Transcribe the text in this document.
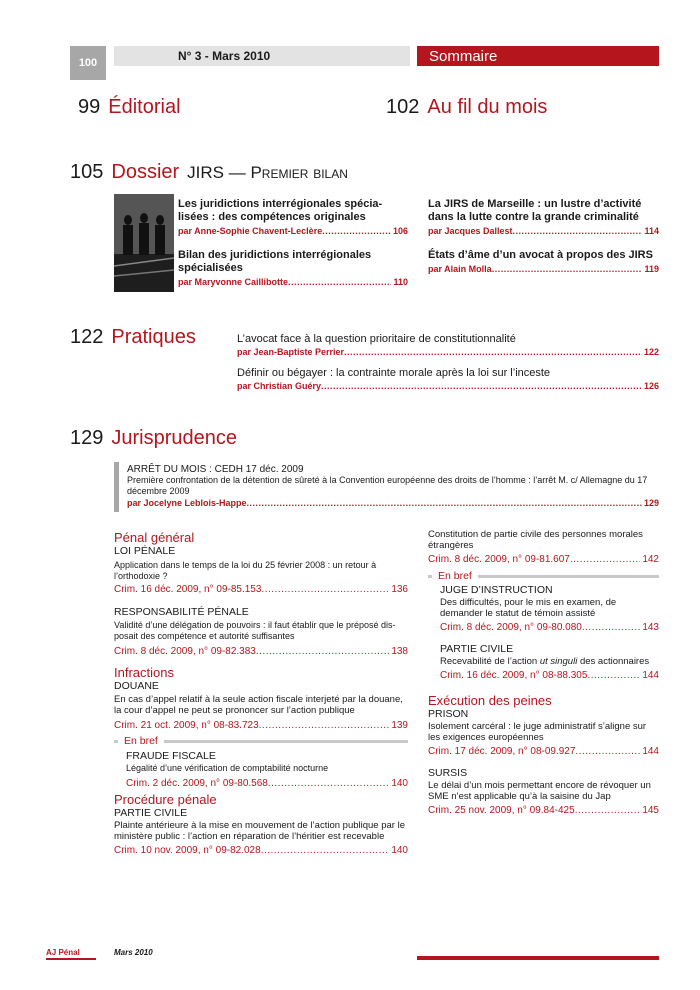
100	N° 3 - Mars 2010	Sommaire
99 Éditorial	102 Au fil du mois
105 Dossier JIRS — Premier bilan
Les juridictions interrégionales spécia-lisées : des compétences originales
par Anne-Sophie Chavent-Leclère .....	106
Bilan des juridictions interrégionales spécialisées
par Maryvonne Caillibotte .....	110
La JIRS de Marseille : un lustre d’activité dans la lutte contre la grande criminalité
par Jacques Dallest .....	114
États d’âme d’un avocat à propos des JIRS
par Alain Molla .....	119
122 Pratiques	L’avocat face à la question prioritaire de constitutionnalité
par Jean-Baptiste Perrier .....	122
Définir ou bégayer : la contrainte morale après la loi sur l’inceste
par Christian Guéry .....	126
129 Jurisprudence
ARRÊT DU MOIS : CEDH 17 déc. 2009
Première confrontation de la détention de sûreté à la Convention européenne des droits de l’homme : l’arrêt M. c/ Allemagne du 17 décembre 2009
par Jocelyne Leblois-Happe .....	129
Pénal général
LOI PÉNALE
Application dans le temps de la loi du 25 février 2008 : un retour à l’orthodoxie ?
Crim. 16 déc. 2009, n° 09-85.153 .....	136
RESPONSABILITÉ PÉNALE
Validité d’une délégation de pouvoirs : il faut établir que le préposé dis-posait des compétence et autorité suffisantes
Crim. 8 déc. 2009, n° 09-82.383 .....	138
Infractions
DOUANE
En cas d’appel relatif à la seule action fiscale interjeté par la douane, la cour d’appel ne peut se prononcer sur l’action publique
Crim. 21 oct. 2009, n° 08-83.723 .....	139
En bref
FRAUDE FISCALE
Légalité d’une vérification de comptabilité nocturne
Crim. 2 déc. 2009, n° 09-80.568 .....	140
Procédure pénale
PARTIE CIVILE
Plainte antérieure à la mise en mouvement de l’action publique par le ministère public : l’action en réparation de l’héritier est recevable
Crim. 10 nov. 2009, n° 09-82.028 .....	140
Constitution de partie civile des personnes morales étrangères
Crim. 8 déc. 2009, n° 09-81.607 .....	142
En bref
JUGE D’INSTRUCTION
Des difficultés, pour le mis en examen, de demander le statut de témoin assisté
Crim. 8 déc. 2009, n° 09-80.080 .....	143
PARTIE CIVILE
Recevabilité de l’action ut singuli des actionnaires
Crim. 16 déc. 2009, n° 08-88.305 .....	144
Exécution des peines
PRISON
Isolement carcéral : le juge administratif s’aligne sur les exigences européennes
Crim. 17 déc. 2009, n° 08-09.927 .....	144
SURSIS
Le délai d’un mois permettant encore de révoquer un SME n’est applicable qu’à la saisine du Jap
Crim. 25 nov. 2009, n° 09.84-425 .....	145
AJ Pénal	Mars 2010
